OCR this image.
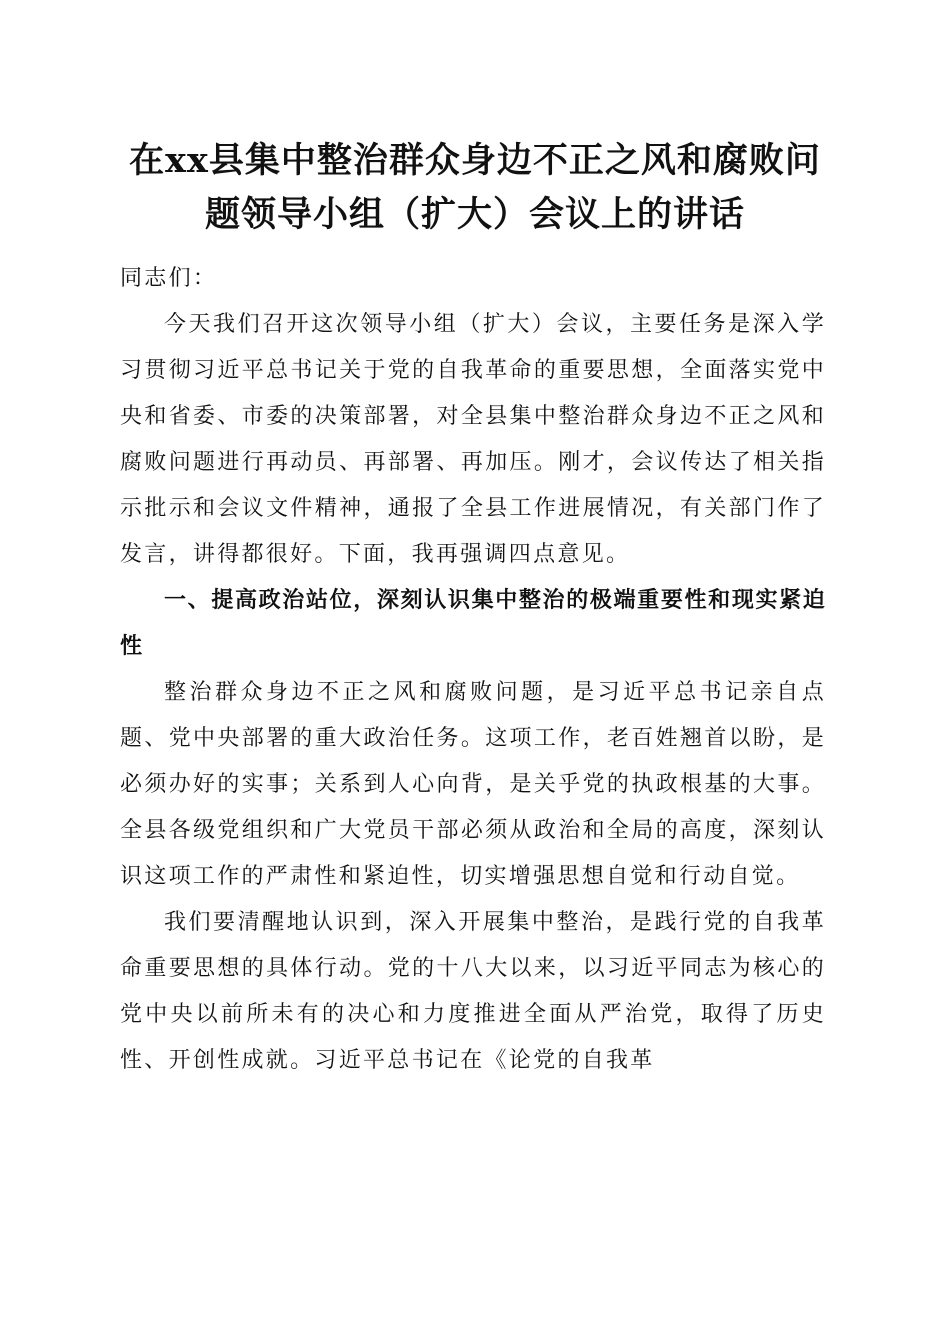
在xx县集中整治群众身边不正之风和腐败问
题领导小组（扩大）会议上的讲话

同志们：

今天我们召开这次领导小组（扩大）会议，主要任务是深入学习贯彻习近平总书记关于党的自我革命的重要思想，全面落实党中央和省委、市委的决策部署，对全县集中整治群众身边不正之风和腐败问题进行再动员、再部署、再加压。刚才，会议传达了相关指示批示和会议文件精神，通报了全县工作进展情况，有关部门作了发言，讲得都很好。下面，我再强调四点意见。

一、提高政治站位，深刻认识集中整治的极端重要性和现实紧迫性

整治群众身边不正之风和腐败问题，是习近平总书记亲自点题、党中央部署的重大政治任务。这项工作，老百姓翘首以盼，是必须办好的实事；关系到人心向背，是关乎党的执政根基的大事。全县各级党组织和广大党员干部必须从政治和全局的高度，深刻认识这项工作的严肃性和紧迫性，切实增强思想自觉和行动自觉。

我们要清醒地认识到，深入开展集中整治，是践行党的自我革命重要思想的具体行动。党的十八大以来，以习近平同志为核心的党中央以前所未有的决心和力度推进全面从严治党，取得了历史性、开创性成就。习近平总书记在《论党的自我革
